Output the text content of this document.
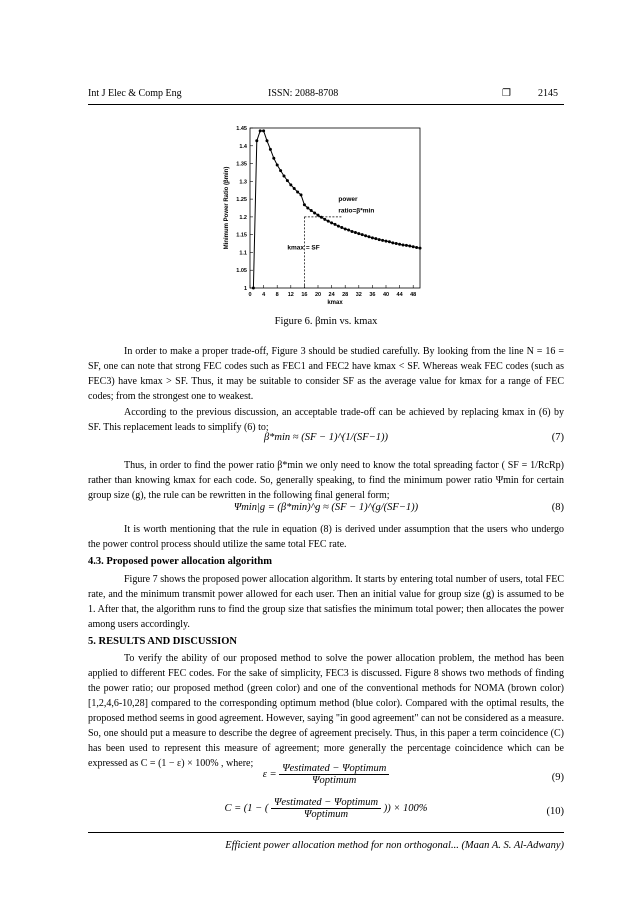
Int J Elec & Comp Eng	ISSN: 2088-8708	❐	2145
1
1.05
1.1
1.15
1.2
1.25
1.3
1.35
1.4
1.45
0 4 8 12 16 20 24 28 32 36 40 44 48
kmax
Minimum Power Ratio (βmin)	power
ratio=β*min
kmax = SF
Figure 6. βmin vs. kmax
In order to make a proper trade-off, Figure 3 should be studied carefully. By looking from the line N = 16 = SF, one can note that strong FEC codes such as FEC1 and FEC2 have kmax < SF. Whereas weak FEC codes (such as FEC3) have kmax > SF. Thus, it may be suitable to consider SF as the average value for kmax for a range of FEC codes; from the strongest one to weakest.
According to the previous discussion, an acceptable trade-off can be achieved by replacing kmax in (6) by SF. This replacement leads to simplify (6) to;
β*min ≈ (SF − 1)^(1/(SF−1))	(7)
Thus, in order to find the power ratio β*min we only need to know the total spreading factor ( SF = 1/RcRp) rather than knowing kmax for each code. So, generally speaking, to find the minimum power ratio Ψmin for certain group size (g), the rule can be rewritten in the following final general form;
Ψmin|g = (β*min)^g ≈ (SF − 1)^(g/(SF−1))	(8)
It is worth mentioning that the rule in equation (8) is derived under assumption that the users who undergo the power control process should utilize the same total FEC rate.
4.3. Proposed power allocation algorithm
Figure 7 shows the proposed power allocation algorithm. It starts by entering total number of users, total FEC rate, and the minimum transmit power allowed for each user. Then an initial value for group size (g) is assumed to be 1. After that, the algorithm runs to find the group size that satisfies the minimum total power; then allocates the power among users accordingly.
5. RESULTS AND DISCUSSION
To verify the ability of our proposed method to solve the power allocation problem, the method has been applied to different FEC codes. For the sake of simplicity, FEC3 is discussed. Figure 8 shows two methods of finding the power ratio; our proposed method (green color) and one of the conventional methods for NOMA (brown color) [1,2,4,6-10,28] compared to the corresponding optimum method (blue color). Compared with the optimal results, the proposed method seems in good agreement. However, saying "in good agreement" can not be considered as a measure. So, one should put a measure to describe the degree of agreement precisely. Thus, in this paper a term coincidence (C) has been used to represent this measure of agreement; more generally the percentage coincidence which can be expressed as C = (1 − ε) × 100% , where;
$\varepsilon = \frac{\text{Ψestimated − Ψoptimum}}{\text{Ψoptimum}}$	(9)
C = (1 − ( $\frac{\text{Ψestimated − Ψoptimum}}{\text{Ψoptimum}}$ )) × 100%	(10)
Efficient power allocation method for non orthogonal... (Maan A. S. Al-Adwany)
